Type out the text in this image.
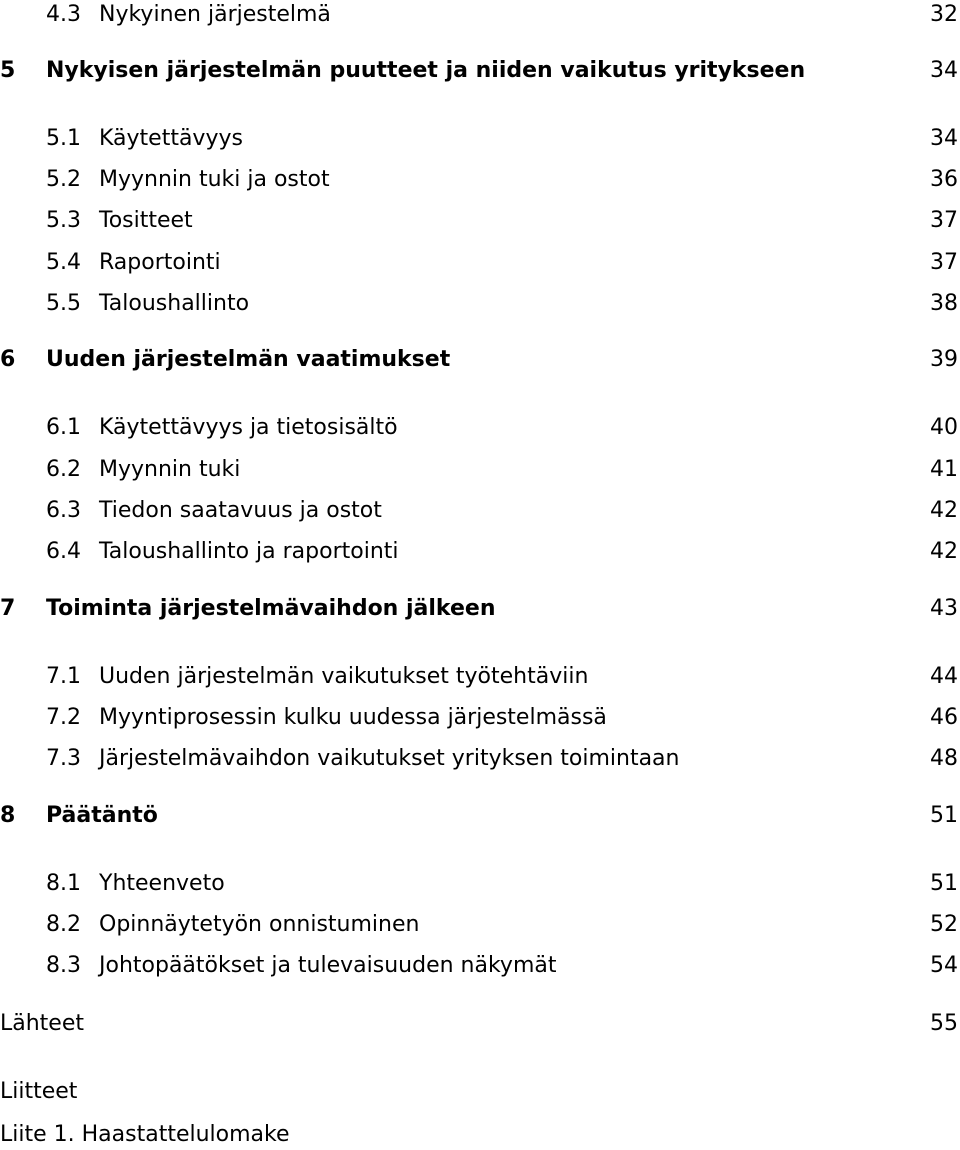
4.3 Nykyinen järjestelmä	32
5 Nykyisen järjestelmän puutteet ja niiden vaikutus yritykseen	34
5.1 Käytettävyys	34
5.2 Myynnin tuki ja ostot	36
5.3 Tositteet	37
5.4 Raportointi	37
5.5 Taloushallinto	38
6 Uuden järjestelmän vaatimukset	39
6.1 Käytettävyys ja tietosisältö	40
6.2 Myynnin tuki	41
6.3 Tiedon saatavuus ja ostot	42
6.4 Taloushallinto ja raportointi	42
7 Toiminta järjestelmävaihdon jälkeen	43
7.1 Uuden järjestelmän vaikutukset työtehtäviin	44
7.2 Myyntiprosessin kulku uudessa järjestelmässä	46
7.3 Järjestelmävaihdon vaikutukset yrityksen toimintaan	48
8 Päätäntö	51
8.1 Yhteenveto	51
8.2 Opinnäytetyön onnistuminen	52
8.3 Johtopäätökset ja tulevaisuuden näkymät	54
Lähteet	55
Liitteet
Liite 1. Haastattelulomake
